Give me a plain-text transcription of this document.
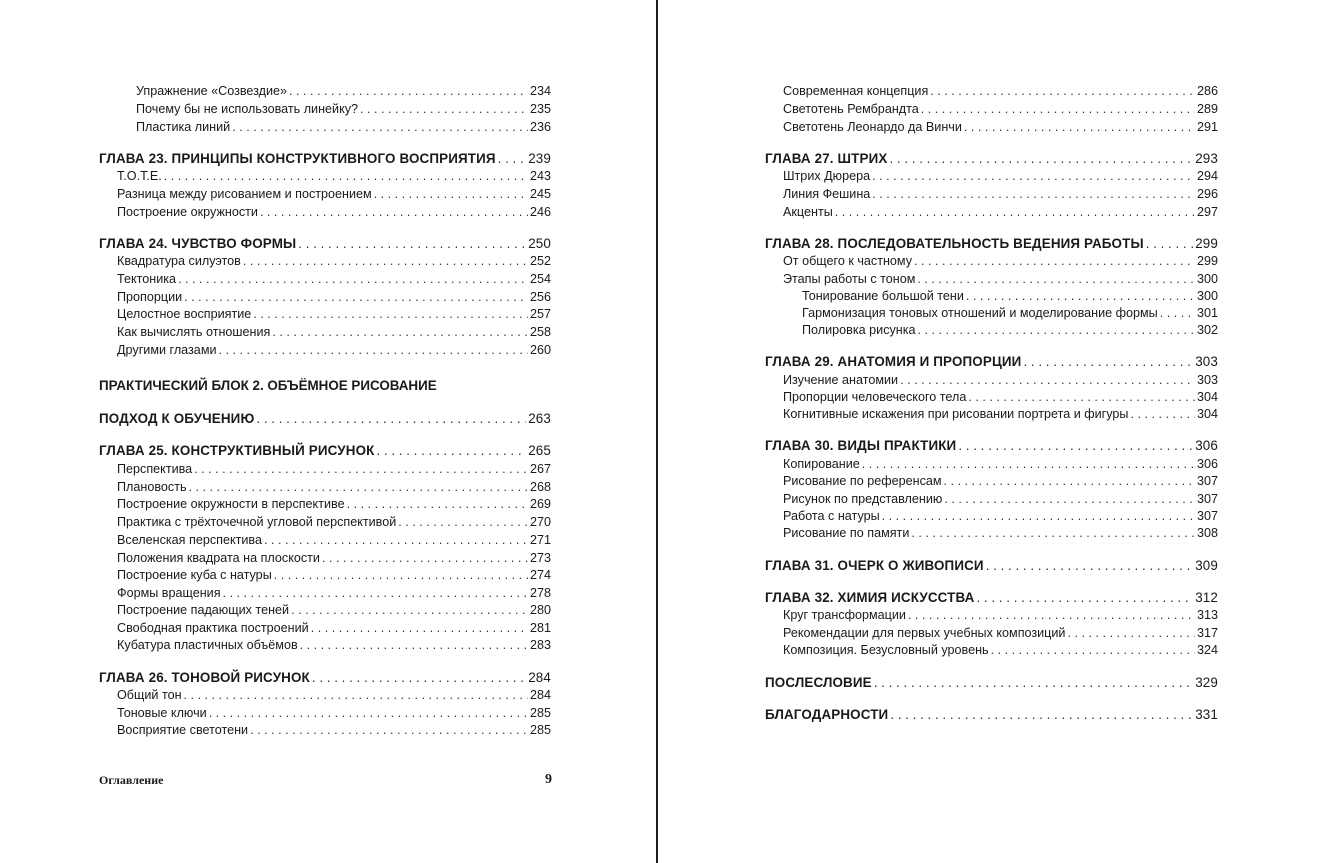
Упражнение «Созвездие» . . .	234
Почему бы не использовать линейку? . . .	235
Пластика линий . . .	236
ГЛАВА 23. ПРИНЦИПЫ КОНСТРУКТИВНОГО ВОСПРИЯТИЯ . . . 239
T.O.T.E. . . .	243
Разница между рисованием и построением . . .	245
Построение окружности . . .	246
ГЛАВА 24. ЧУВСТВО ФОРМЫ . . .	250
Квадратура силуэтов . . .	252
Тектоника . . .	254
Пропорции . . .	256
Целостное восприятие . . .	257
Как вычислять отношения . . .	258
Другими глазами . . .	260
ПРАКТИЧЕСКИЙ БЛОК 2. ОБЪЁМНОЕ РИСОВАНИЕ
ПОДХОД К ОБУЧЕНИЮ . . .	263
ГЛАВА 25. КОНСТРУКТИВНЫЙ РИСУНОК . . .	265
Перспектива . . .	267
Плановость . . .	268
Построение окружности в перспективе . . .	269
Практика с трёхточечной угловой перспективой . . .	270
Вселенская перспектива . . .	271
Положения квадрата на плоскости . . .	273
Построение куба с натуры . . .	274
Формы вращения . . .	278
Построение падающих теней . . .	280
Свободная практика построений . . .	281
Кубатура пластичных объёмов . . .	283
ГЛАВА 26. ТОНОВОЙ РИСУНОК . . .	284
Общий тон . . .	284
Тоновые ключи . . .	285
Восприятие светотени . . .	285
Оглавление	9
Современная концепция . . .	286
Светотень Рембрандта . . .	289
Светотень Леонардо да Винчи . . .	291
ГЛАВА 27. ШТРИХ . . .	293
Штрих Дюрера . . .	294
Линия Фешина . . .	296
Акценты . . .	297
ГЛАВА 28. ПОСЛЕДОВАТЕЛЬНОСТЬ ВЕДЕНИЯ РАБОТЫ . . .	299
От общего к частному . . .	299
Этапы работы с тоном . . .	300
Тонирование большой тени . . .	300
Гармонизация тоновых отношений и моделирование формы . . .	301
Полировка рисунка . . .	302
ГЛАВА 29. АНАТОМИЯ И ПРОПОРЦИИ . . .	303
Изучение анатомии . . .	303
Пропорции человеческого тела . . .	304
Когнитивные искажения при рисовании портрета и фигуры . . .	304
ГЛАВА 30. ВИДЫ ПРАКТИКИ . . .	306
Копирование . . .	306
Рисование по референсам . . .	307
Рисунок по представлению . . .	307
Работа с натуры . . .	307
Рисование по памяти . . .	308
ГЛАВА 31. ОЧЕРК О ЖИВОПИСИ . . .	309
ГЛАВА 32. ХИМИЯ ИСКУССТВА . . .	312
Круг трансформации . . .	313
Рекомендации для первых учебных композиций . . .	317
Композиция. Безусловный уровень . . .	324
ПОСЛЕСЛОВИЕ . . .	329
БЛАГОДАРНОСТИ . . .	331
